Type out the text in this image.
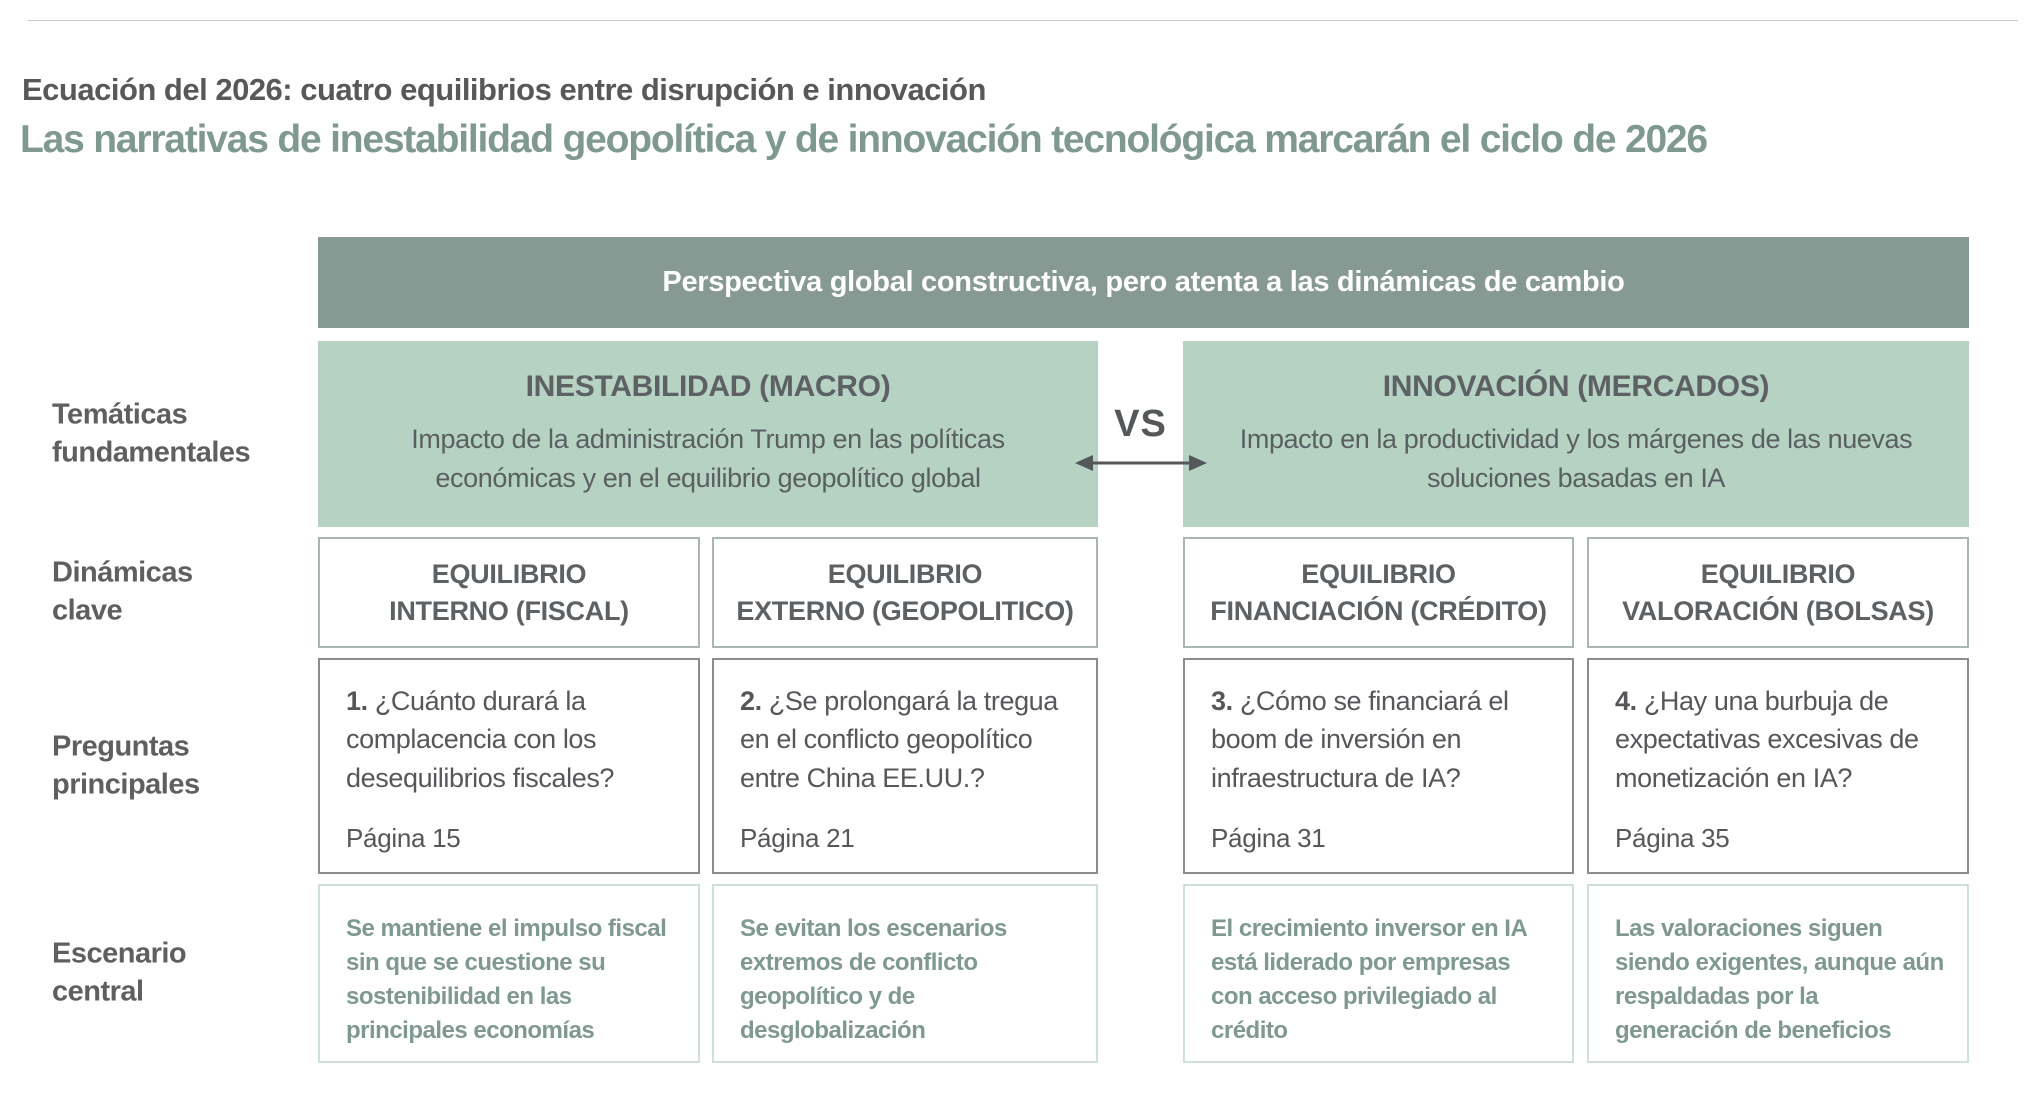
Ecuación del 2026: cuatro equilibrios entre disrupción e innovación
Las narrativas de inestabilidad geopolítica y de innovación tecnológica marcarán el ciclo de 2026
Temáticas
fundamentales
Dinámicas
clave
Preguntas
principales
Escenario
central
Perspectiva global constructiva, pero atenta a las dinámicas de cambio
INESTABILIDAD (MACRO)
Impacto de la administración Trump en las políticas económicas y en el equilibrio geopolítico global
VS
INNOVACIÓN (MERCADOS)
Impacto en la productividad y los márgenes de las nuevas soluciones basadas en IA
EQUILIBRIO
INTERNO (FISCAL)
EQUILIBRIO
EXTERNO (GEOPOLITICO)
EQUILIBRIO
FINANCIACIÓN (CRÉDITO)
EQUILIBRIO
VALORACIÓN (BOLSAS)
1. ¿Cuánto durará la complacencia con los desequilibrios fiscales?
Página 15
2. ¿Se prolongará la tregua en el conflicto geopolítico entre China EE.UU.?
Página 21
3. ¿Cómo se financiará el boom de inversión en infraestructura de IA?
Página 31
4. ¿Hay una burbuja de expectativas excesivas de monetización en IA?
Página 35
Se mantiene el impulso fiscal sin que se cuestione su sostenibilidad en las principales economías
Se evitan los escenarios extremos de conflicto geopolítico y de desglobalización
El crecimiento inversor en IA está liderado por empresas con acceso privilegiado al crédito
Las valoraciones siguen siendo exigentes, aunque aún respaldadas por la generación de beneficios
